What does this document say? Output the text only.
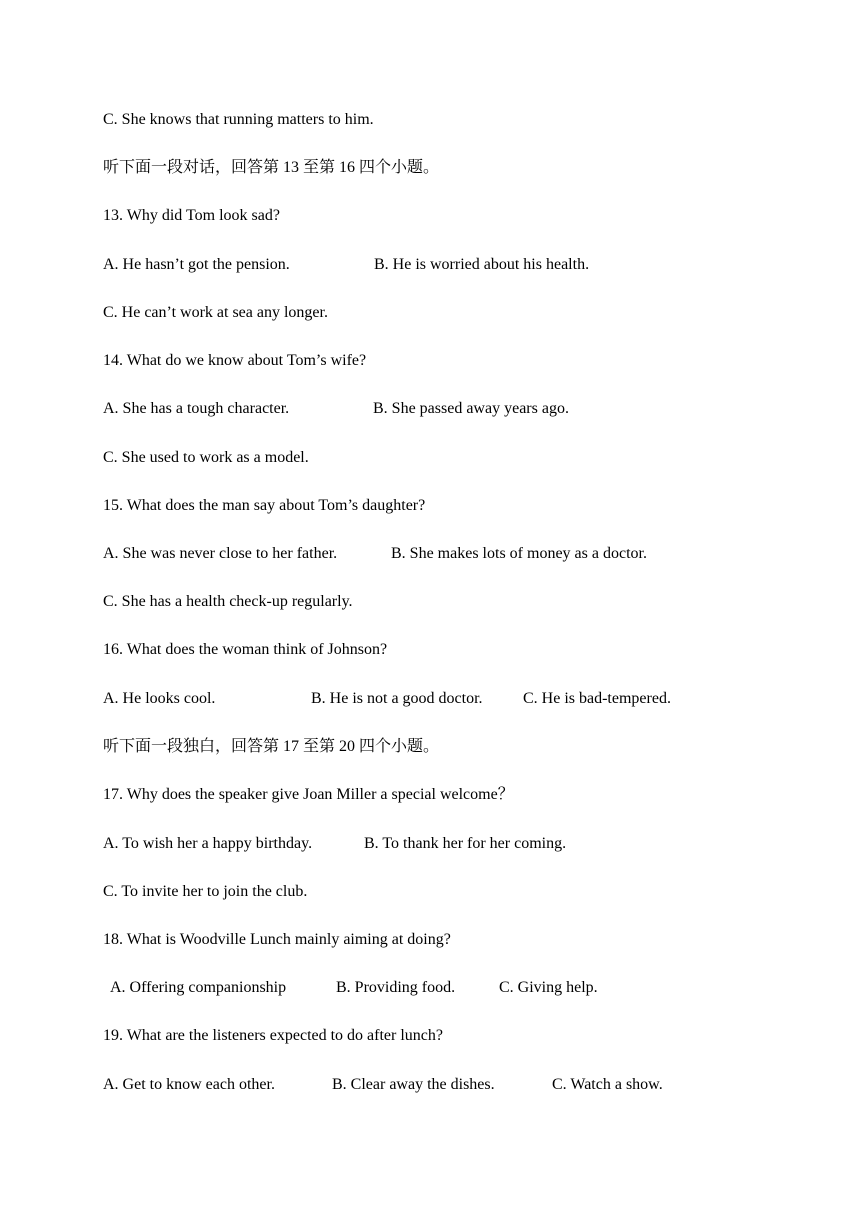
C. She knows that running matters to him.
听下面一段对话，回答第 13 至第 16 四个小题。
13. Why did Tom look sad?
A. He hasn’t got the pension.	B. He is worried about his health.
C. He can’t work at sea any longer.
14. What do we know about Tom’s wife?
A. She has a tough character.	B. She passed away years ago.
C. She used to work as a model.
15. What does the man say about Tom’s daughter?
A. She was never close to her father.	B. She makes lots of money as a doctor.
C. She has a health check-up regularly.
16. What does the woman think of Johnson?
A. He looks cool.	B. He is not a good doctor.	C. He is bad-tempered.
听下面一段独白，回答第 17 至第 20 四个小题。
17. Why does the speaker give Joan Miller a special welcome？
A. To wish her a happy birthday.	B. To thank her for her coming.
C. To invite her to join the club.
18. What is Woodville Lunch mainly aiming at doing?
A. Offering companionship	B. Providing food.	C. Giving help.
19. What are the listeners expected to do after lunch?
A. Get to know each other.	B. Clear away the dishes.	C. Watch a show.
